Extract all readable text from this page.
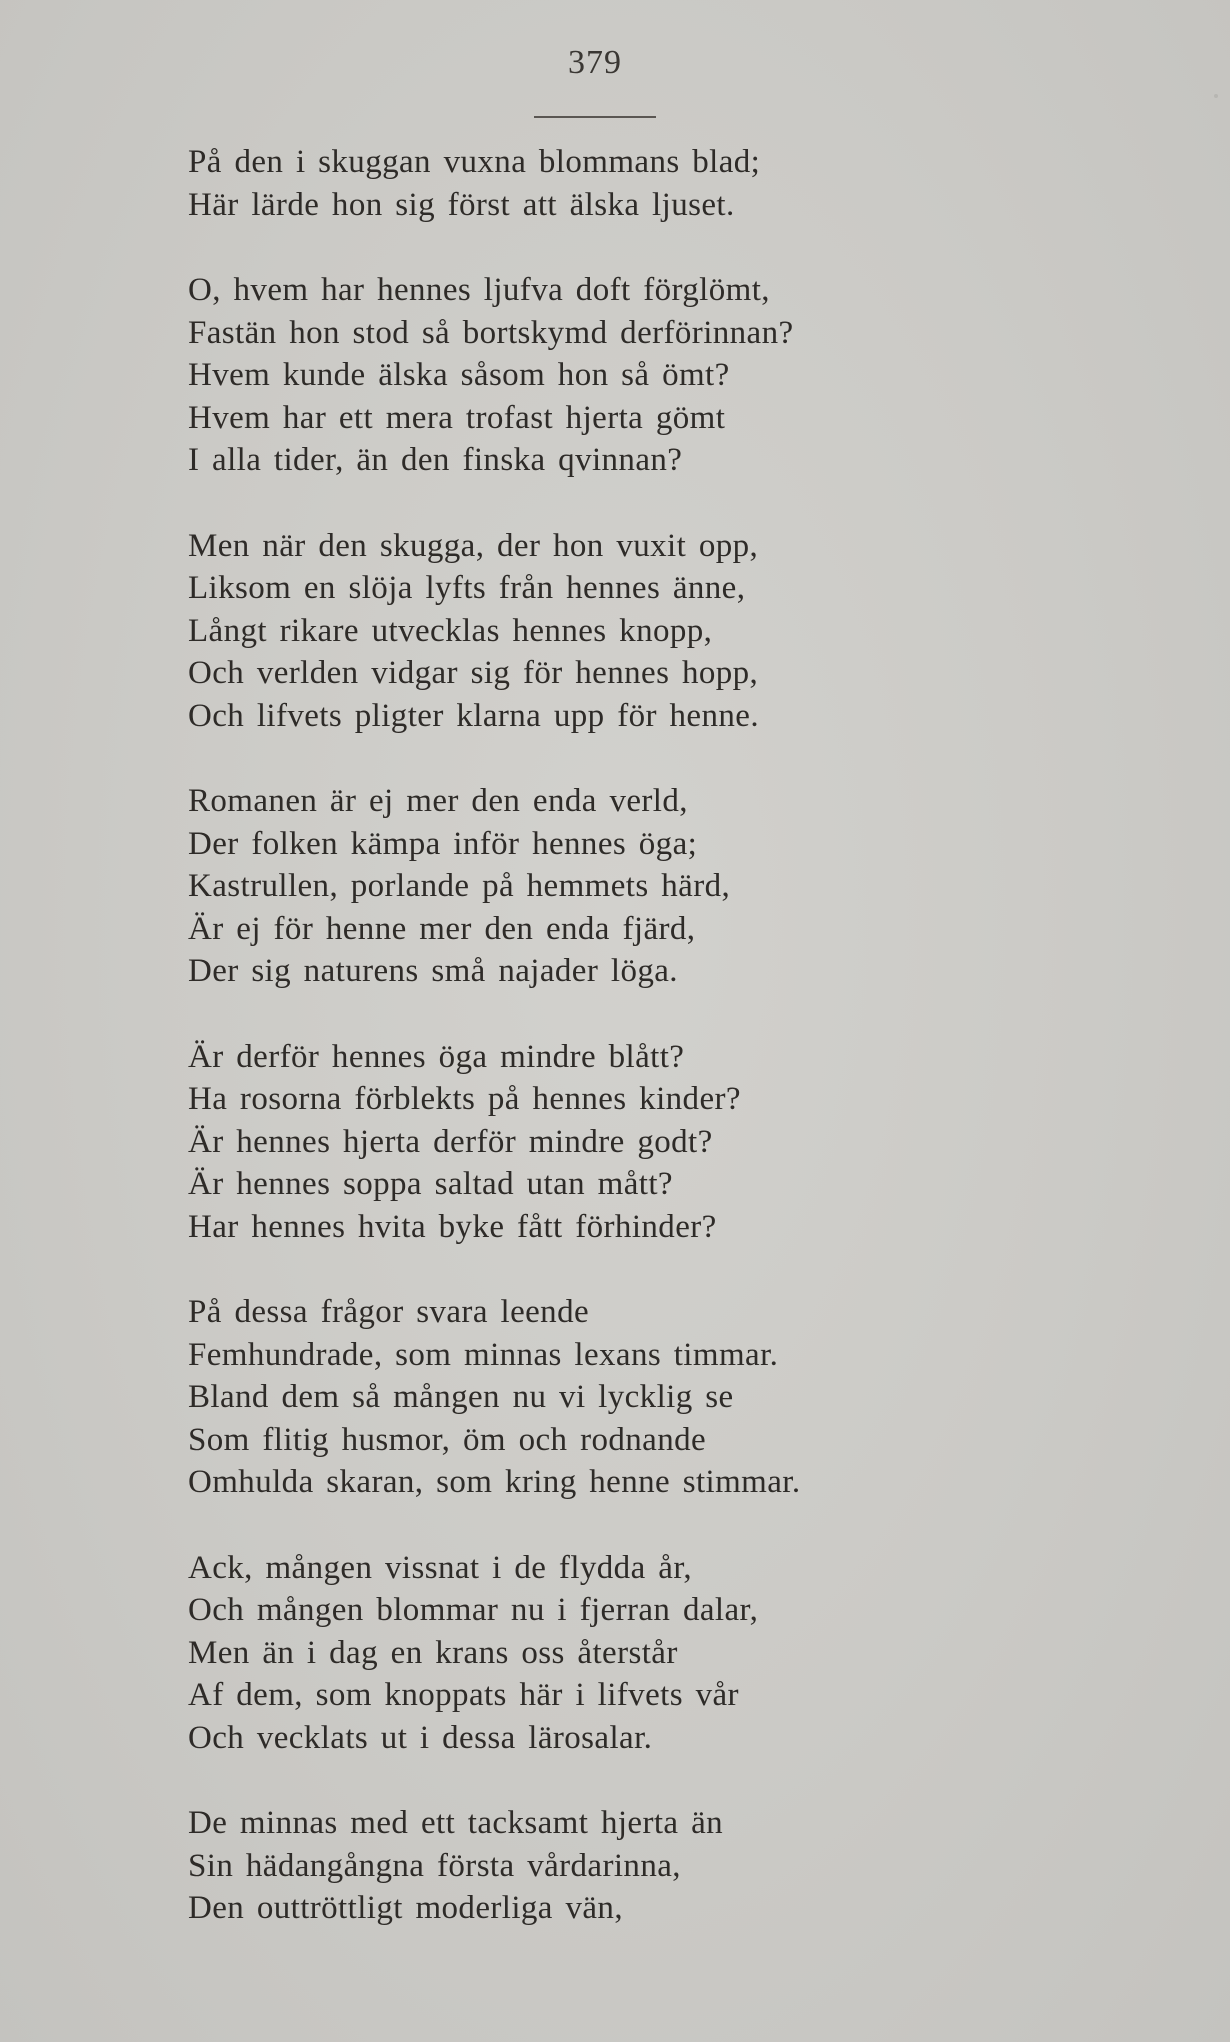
379
På den i skuggan vuxna blommans blad;
Här lärde hon sig först att älska ljuset.
O, hvem har hennes ljufva doft förglömt,
Fastän hon stod så bortskymd derförinnan?
Hvem kunde älska såsom hon så ömt?
Hvem har ett mera trofast hjerta gömt
I alla tider, än den finska qvinnan?
Men när den skugga, der hon vuxit opp,
Liksom en slöja lyfts från hennes änne,
Långt rikare utvecklas hennes knopp,
Och verlden vidgar sig för hennes hopp,
Och lifvets pligter klarna upp för henne.
Romanen är ej mer den enda verld,
Der folken kämpa inför hennes öga;
Kastrullen, porlande på hemmets härd,
Är ej för henne mer den enda fjärd,
Der sig naturens små najader löga.
Är derför hennes öga mindre blått?
Ha rosorna förblekts på hennes kinder?
Är hennes hjerta derför mindre godt?
Är hennes soppa saltad utan mått?
Har hennes hvita byke fått förhinder?
På dessa frågor svara leende
Femhundrade, som minnas lexans timmar.
Bland dem så mången nu vi lycklig se
Som flitig husmor, öm och rodnande
Omhulda skaran, som kring henne stimmar.
Ack, mången vissnat i de flydda år,
Och mången blommar nu i fjerran dalar,
Men än i dag en krans oss återstår
Af dem, som knoppats här i lifvets vår
Och vecklats ut i dessa lärosalar.
De minnas med ett tacksamt hjerta än
Sin hädangångna första vårdarinna,
Den outtröttligt moderliga vän,
